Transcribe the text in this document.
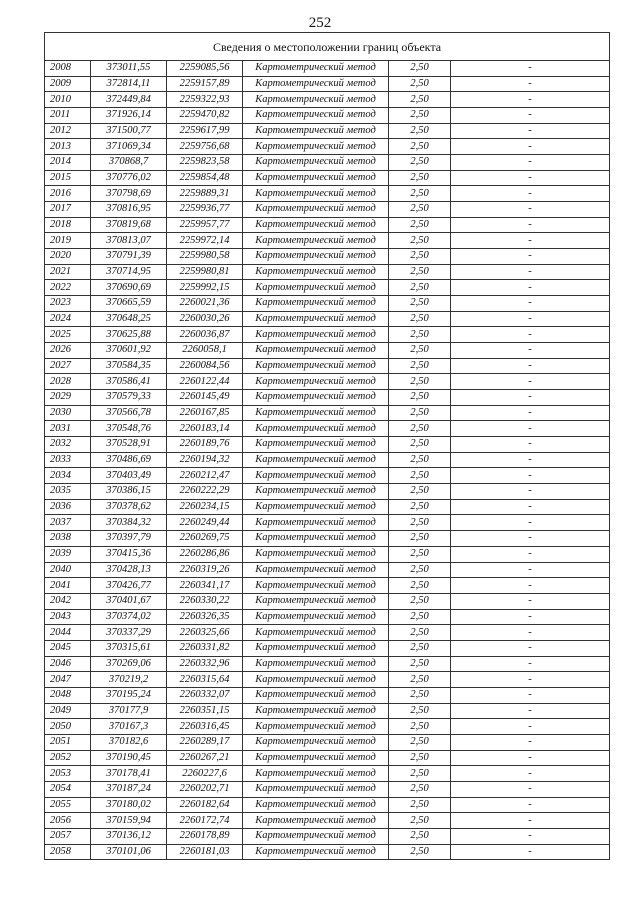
252
Сведения о местоположении границ объекта					
2008	373011,55	2259085,56	Картометрический метод	2,50	-
2009	372814,11	2259157,89	Картометрический метод	2,50	-
2010	372449,84	2259322,93	Картометрический метод	2,50	-
2011	371926,14	2259470,82	Картометрический метод	2,50	-
2012	371500,77	2259617,99	Картометрический метод	2,50	-
2013	371069,34	2259756,68	Картометрический метод	2,50	-
2014	370868,7	2259823,58	Картометрический метод	2,50	-
2015	370776,02	2259854,48	Картометрический метод	2,50	-
2016	370798,69	2259889,31	Картометрический метод	2,50	-
2017	370816,95	2259936,77	Картометрический метод	2,50	-
2018	370819,68	2259957,77	Картометрический метод	2,50	-
2019	370813,07	2259972,14	Картометрический метод	2,50	-
2020	370791,39	2259980,58	Картометрический метод	2,50	-
2021	370714,95	2259980,81	Картометрический метод	2,50	-
2022	370690,69	2259992,15	Картометрический метод	2,50	-
2023	370665,59	2260021,36	Картометрический метод	2,50	-
2024	370648,25	2260030,26	Картометрический метод	2,50	-
2025	370625,88	2260036,87	Картометрический метод	2,50	-
2026	370601,92	2260058,1	Картометрический метод	2,50	-
2027	370584,35	2260084,56	Картометрический метод	2,50	-
2028	370586,41	2260122,44	Картометрический метод	2,50	-
2029	370579,33	2260145,49	Картометрический метод	2,50	-
2030	370566,78	2260167,85	Картометрический метод	2,50	-
2031	370548,76	2260183,14	Картометрический метод	2,50	-
2032	370528,91	2260189,76	Картометрический метод	2,50	-
2033	370486,69	2260194,32	Картометрический метод	2,50	-
2034	370403,49	2260212,47	Картометрический метод	2,50	-
2035	370386,15	2260222,29	Картометрический метод	2,50	-
2036	370378,62	2260234,15	Картометрический метод	2,50	-
2037	370384,32	2260249,44	Картометрический метод	2,50	-
2038	370397,79	2260269,75	Картометрический метод	2,50	-
2039	370415,36	2260286,86	Картометрический метод	2,50	-
2040	370428,13	2260319,26	Картометрический метод	2,50	-
2041	370426,77	2260341,17	Картометрический метод	2,50	-
2042	370401,67	2260330,22	Картометрический метод	2,50	-
2043	370374,02	2260326,35	Картометрический метод	2,50	-
2044	370337,29	2260325,66	Картометрический метод	2,50	-
2045	370315,61	2260331,82	Картометрический метод	2,50	-
2046	370269,06	2260332,96	Картометрический метод	2,50	-
2047	370219,2	2260315,64	Картометрический метод	2,50	-
2048	370195,24	2260332,07	Картометрический метод	2,50	-
2049	370177,9	2260351,15	Картометрический метод	2,50	-
2050	370167,3	2260316,45	Картометрический метод	2,50	-
2051	370182,6	2260289,17	Картометрический метод	2,50	-
2052	370190,45	2260267,21	Картометрический метод	2,50	-
2053	370178,41	2260227,6	Картометрический метод	2,50	-
2054	370187,24	2260202,71	Картометрический метод	2,50	-
2055	370180,02	2260182,64	Картометрический метод	2,50	-
2056	370159,94	2260172,74	Картометрический метод	2,50	-
2057	370136,12	2260178,89	Картометрический метод	2,50	-
2058	370101,06	2260181,03	Картометрический метод	2,50	-
